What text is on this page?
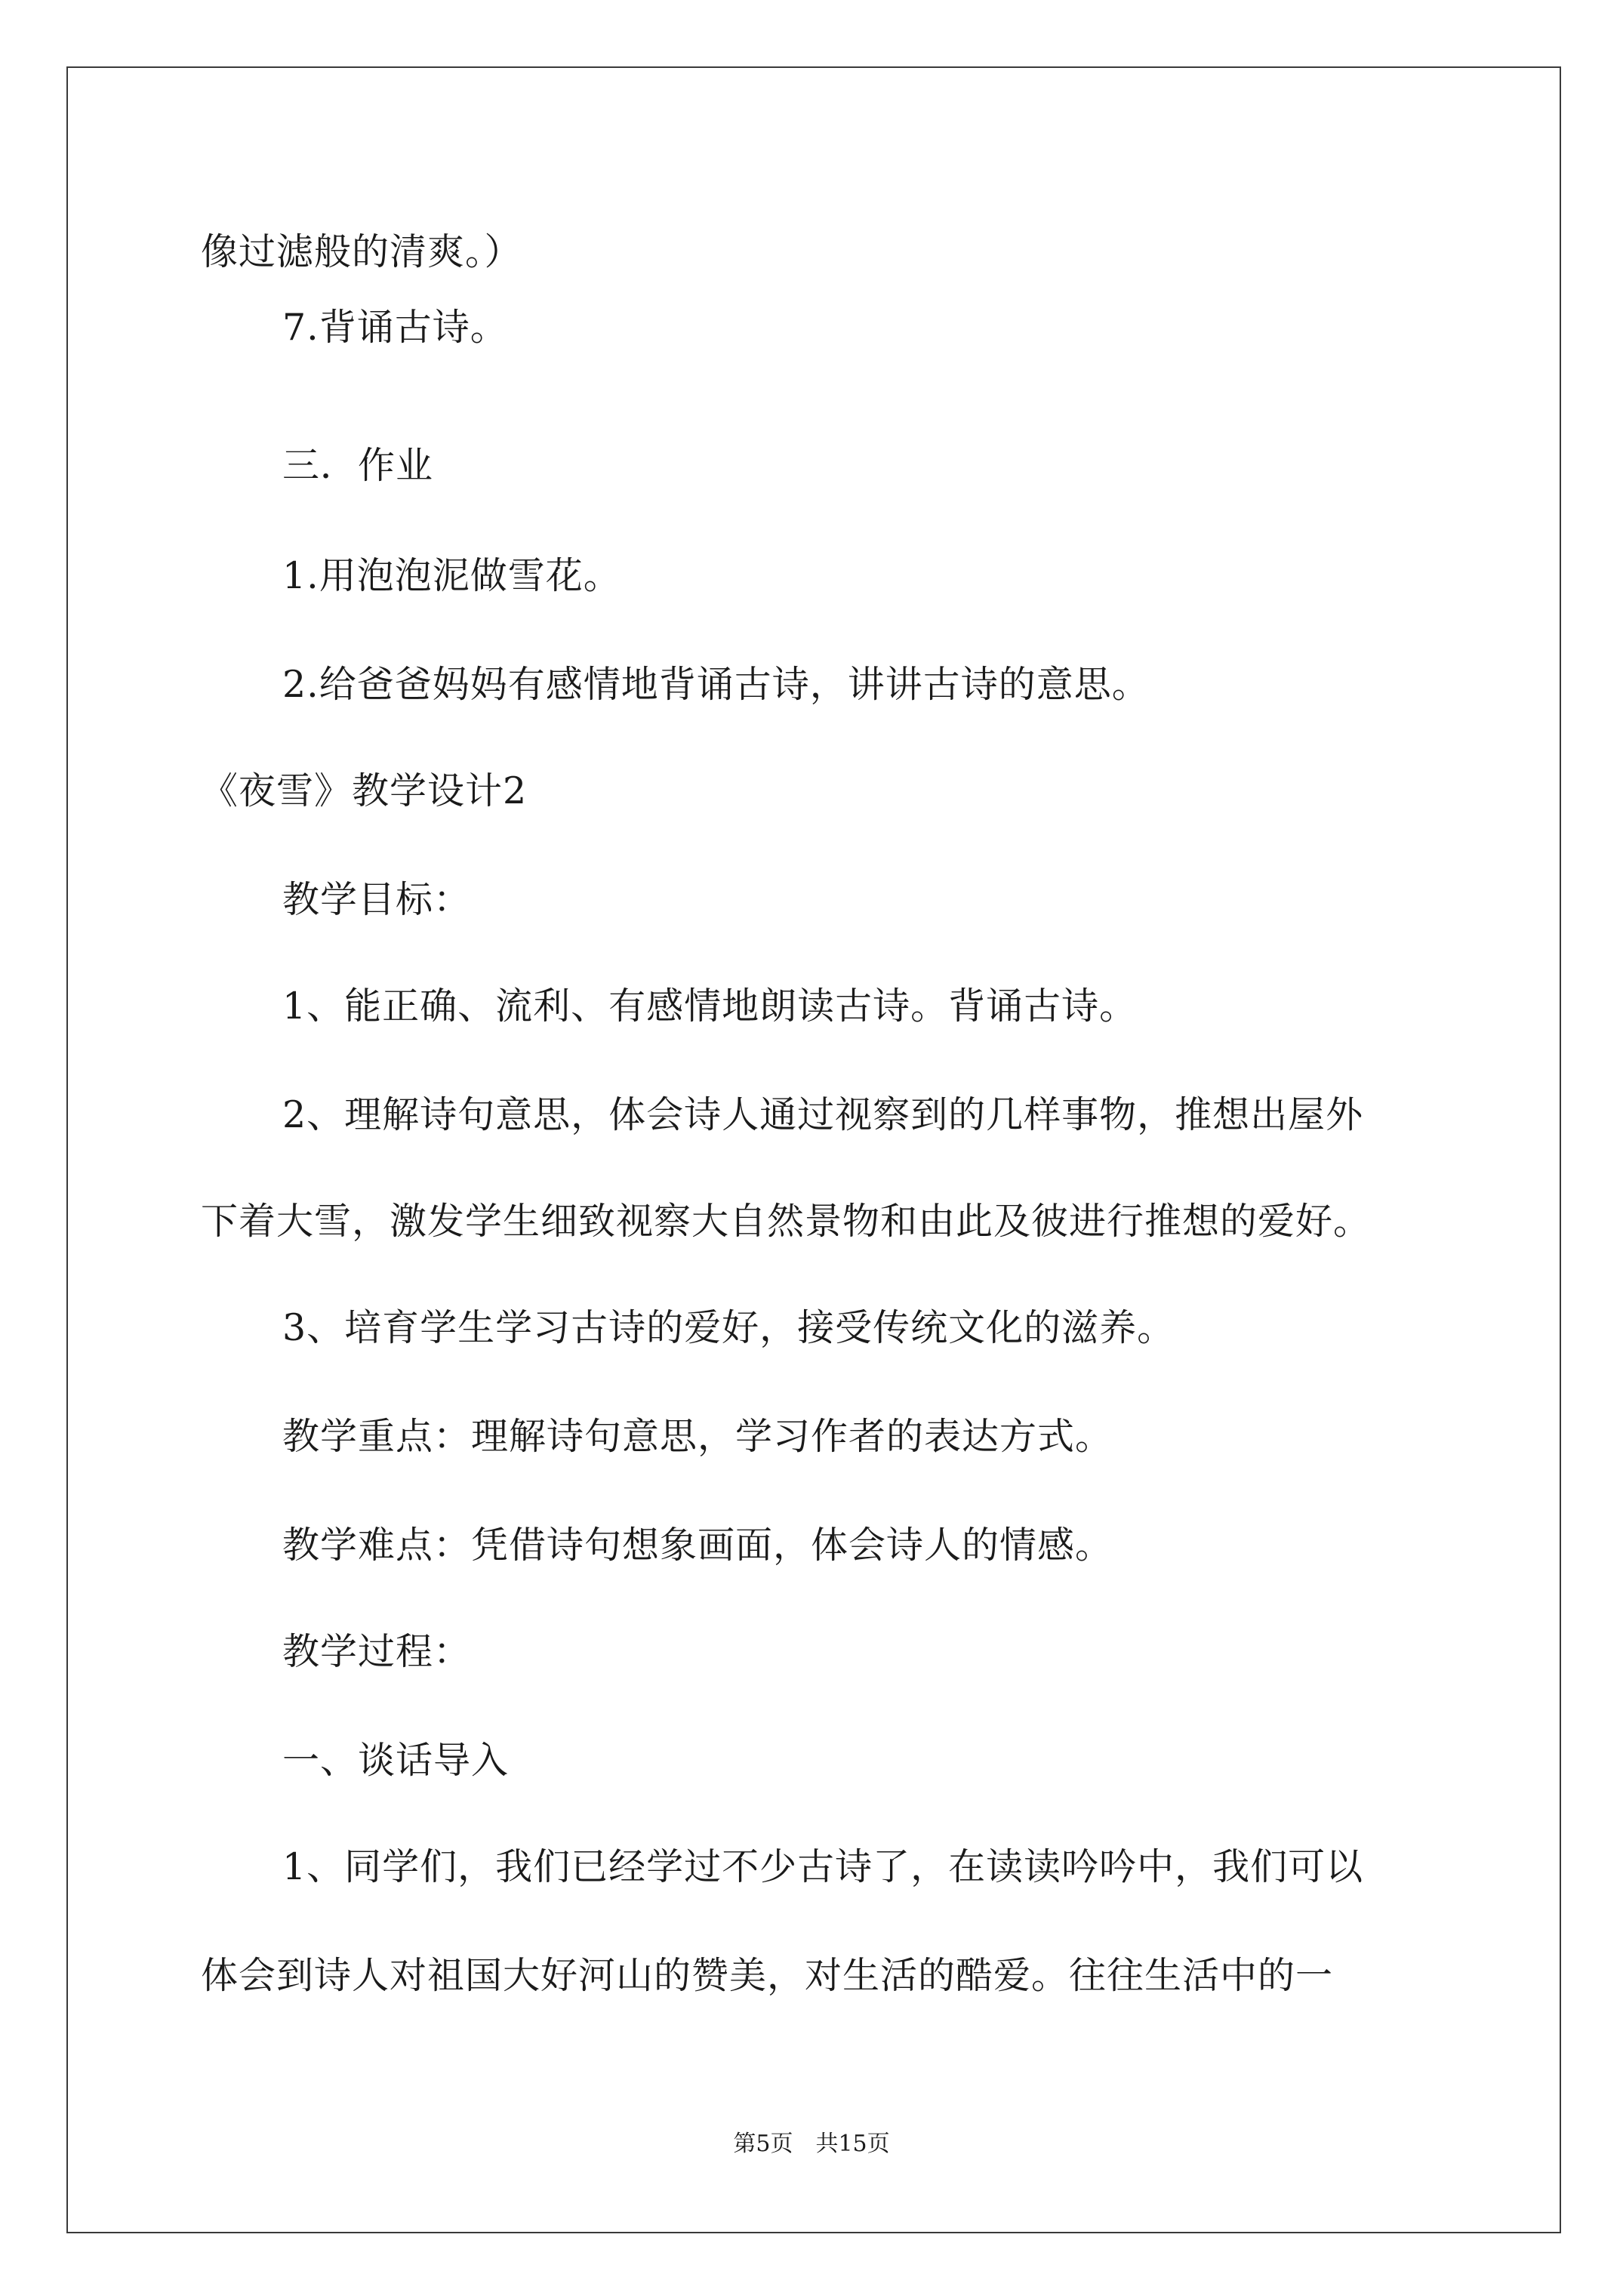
像过滤般的清爽。）
7.背诵古诗。
三．作业
1.用泡泡泥做雪花。
2.给爸爸妈妈有感情地背诵古诗，讲讲古诗的意思。
《夜雪》教学设计2
教学目标：
1、能正确、流利、有感情地朗读古诗。背诵古诗。
2、理解诗句意思，体会诗人通过视察到的几样事物，推想出屋外
下着大雪，激发学生细致视察大自然景物和由此及彼进行推想的爱好。
3、培育学生学习古诗的爱好，接受传统文化的滋养。
教学重点：理解诗句意思，学习作者的表达方式。
教学难点：凭借诗句想象画面，体会诗人的情感。
教学过程：
一、谈话导入
1、同学们，我们已经学过不少古诗了，在读读吟吟中，我们可以
体会到诗人对祖国大好河山的赞美，对生活的酷爱。往往生活中的一
第5页　共15页
